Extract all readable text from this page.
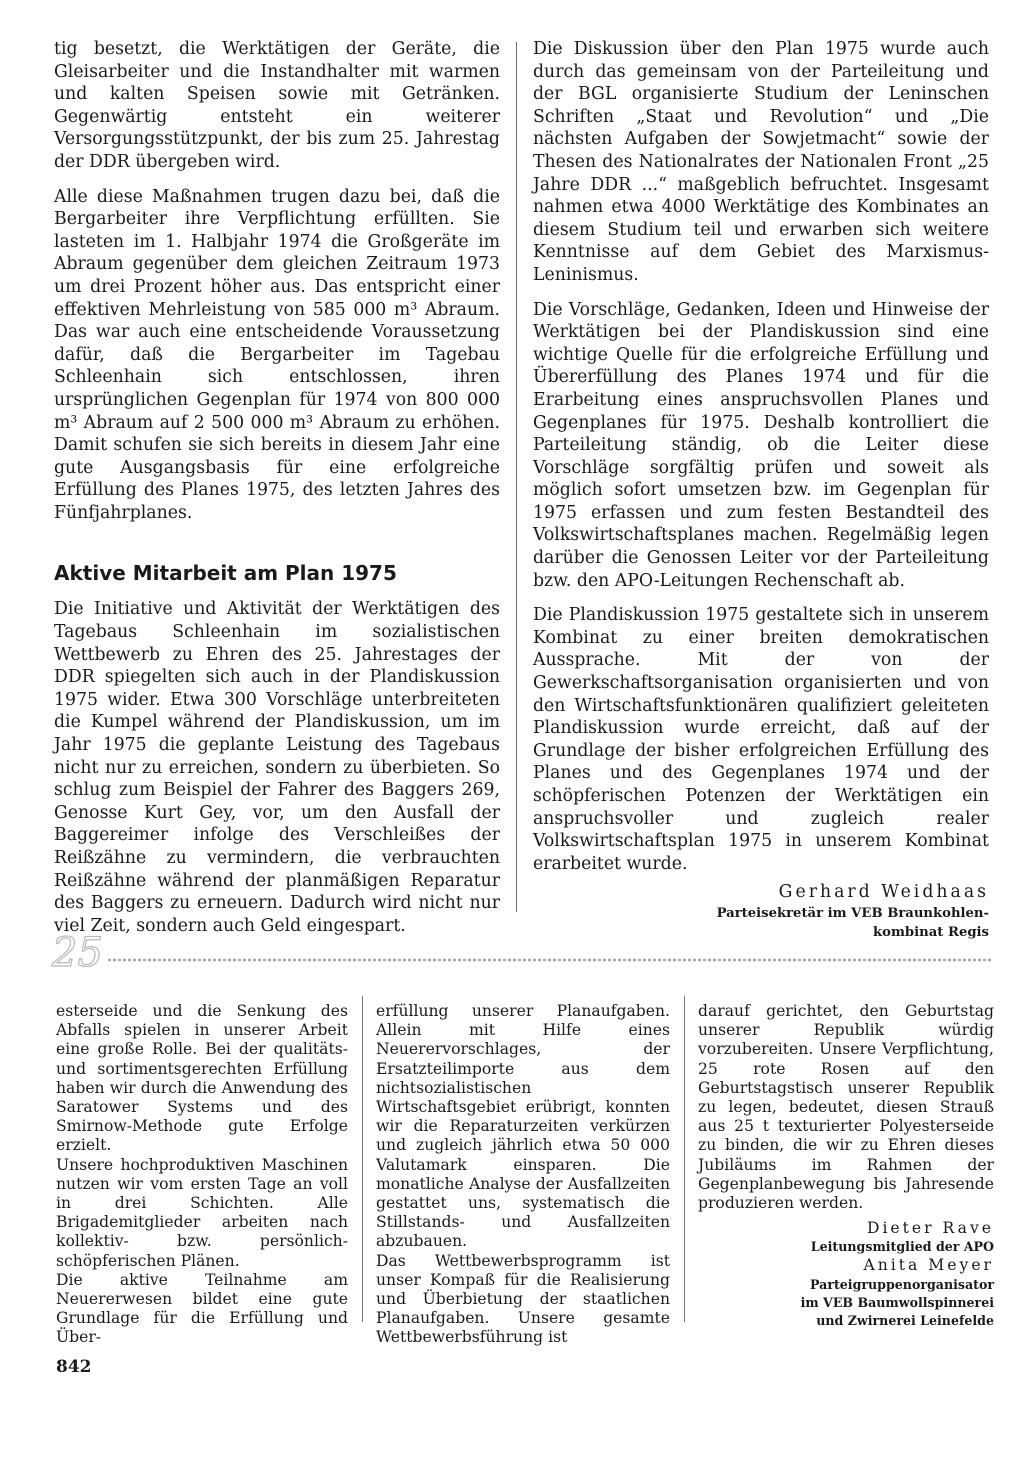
tig besetzt, die Werktätigen der Geräte, die Gleisarbeiter und die Instandhalter mit warmen und kalten Speisen sowie mit Getränken. Gegenwärtig entsteht ein weiterer Versorgungsstützpunkt, der bis zum 25. Jahrestag der DDR übergeben wird.

Alle diese Maßnahmen trugen dazu bei, daß die Bergarbeiter ihre Verpflichtung erfüllten. Sie lasteten im 1. Halbjahr 1974 die Großgeräte im Abraum gegenüber dem gleichen Zeitraum 1973 um drei Prozent höher aus. Das entspricht einer effektiven Mehrleistung von 585 000 m³ Abraum. Das war auch eine entscheidende Voraussetzung dafür, daß die Bergarbeiter im Tagebau Schleenhain sich entschlossen, ihren ursprünglichen Gegenplan für 1974 von 800 000 m³ Abraum auf 2 500 000 m³ Abraum zu erhöhen. Damit schufen sie sich bereits in diesem Jahr eine gute Ausgangsbasis für eine erfolgreiche Erfüllung des Planes 1975, des letzten Jahres des Fünfjahrplanes.

Aktive Mitarbeit am Plan 1975

Die Initiative und Aktivität der Werktätigen des Tagebaus Schleenhain im sozialistischen Wettbewerb zu Ehren des 25. Jahrestages der DDR spiegelten sich auch in der Plandiskussion 1975 wider. Etwa 300 Vorschläge unterbreiteten die Kumpel während der Plandiskussion, um im Jahr 1975 die geplante Leistung des Tagebaus nicht nur zu erreichen, sondern zu überbieten. So schlug zum Beispiel der Fahrer des Baggers 269, Genosse Kurt Gey, vor, um den Ausfall der Baggereimer infolge des Verschleißes der Reißzähne zu vermindern, die verbrauchten Reißzähne während der planmäßigen Reparatur des Baggers zu erneuern. Dadurch wird nicht nur viel Zeit, sondern auch Geld eingespart.

Die Diskussion über den Plan 1975 wurde auch durch das gemeinsam von der Parteileitung und der BGL organisierte Studium der Leninschen Schriften „Staat und Revolution“ und „Die nächsten Aufgaben der Sowjetmacht“ sowie der Thesen des Nationalrates der Nationalen Front „25 Jahre DDR ...“ maßgeblich befruchtet. Insgesamt nahmen etwa 4000 Werktätige des Kombinates an diesem Studium teil und erwarben sich weitere Kenntnisse auf dem Gebiet des Marxismus-Leninismus.

Die Vorschläge, Gedanken, Ideen und Hinweise der Werktätigen bei der Plandiskussion sind eine wichtige Quelle für die erfolgreiche Erfüllung und Übererfüllung des Planes 1974 und für die Erarbeitung eines anspruchsvollen Planes und Gegenplanes für 1975. Deshalb kontrolliert die Parteileitung ständig, ob die Leiter diese Vorschläge sorgfältig prüfen und soweit als möglich sofort umsetzen bzw. im Gegenplan für 1975 erfassen und zum festen Bestandteil des Volkswirtschaftsplanes machen. Regelmäßig legen darüber die Genossen Leiter vor der Parteileitung bzw. den APO-Leitungen Rechenschaft ab.

Die Plandiskussion 1975 gestaltete sich in unserem Kombinat zu einer breiten demokratischen Aussprache. Mit der von der Gewerkschaftsorganisation organisierten und von den Wirtschaftsfunktionären qualifiziert geleiteten Plandiskussion wurde erreicht, daß auf der Grundlage der bisher erfolgreichen Erfüllung des Planes und des Gegenplanes 1974 und der schöpferischen Potenzen der Werktätigen ein anspruchsvoller und zugleich realer Volkswirtschaftsplan 1975 in unserem Kombinat erarbeitet wurde.

Gerhard Weidhaas

Parteisekretär im VEB Braunkohlen-

kombinat Regis

25

esterseide und die Senkung des Abfalls spielen in unserer Arbeit eine große Rolle. Bei der qualitäts- und sortimentsgerechten Erfüllung haben wir durch die Anwendung des Saratower Systems und des Smirnow-Methode gute Erfolge erzielt.

Unsere hochproduktiven Maschinen nutzen wir vom ersten Tage an voll in drei Schichten. Alle Brigademitglieder arbeiten nach kollektiv- bzw. persönlich-schöpferischen Plänen.

Die aktive Teilnahme am Neuererwesen bildet eine gute Grundlage für die Erfüllung und Über-

erfüllung unserer Planaufgaben. Allein mit Hilfe eines Neuerervorschlages, der Ersatzteilimporte aus dem nichtsozialistischen Wirtschaftsgebiet erübrigt, konnten wir die Reparaturzeiten verkürzen und zugleich jährlich etwa 50 000 Valutamark einsparen. Die monatliche Analyse der Ausfallzeiten gestattet uns, systematisch die Stillstands- und Ausfallzeiten abzubauen.

Das Wettbewerbsprogramm ist unser Kompaß für die Realisierung und Überbietung der staatlichen Planaufgaben. Unsere gesamte Wettbewerbsführung ist

darauf gerichtet, den Geburtstag unserer Republik würdig vorzubereiten. Unsere Verpflichtung, 25 rote Rosen auf den Geburtstagstisch unserer Republik zu legen, bedeutet, diesen Strauß aus 25 t texturierter Polyesterseide zu binden, die wir zu Ehren dieses Jubiläums im Rahmen der Gegenplanbewegung bis Jahresende produzieren werden.

Dieter Rave

Leitungsmitglied der APO

Anita Meyer

Parteigruppenorganisator

im VEB Baumwollspinnerei

und Zwirnerei Leinefelde

842
